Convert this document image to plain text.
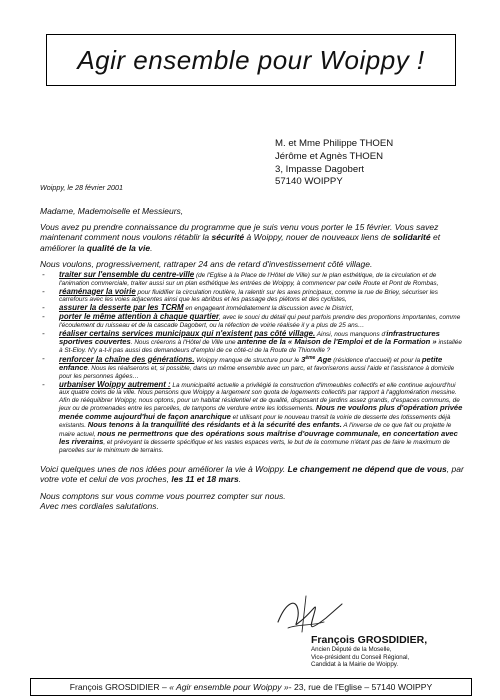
Agir ensemble pour Woippy !
M. et Mme Philippe THOEN
Jérôme et Agnès THOEN
3, Impasse Dagobert
57140 WOIPPY
Woippy, le 28 février 2001

Madame, Mademoiselle et Messieurs,

Vous avez pu prendre connaissance du programme que je suis venu vous porter le 15 février. Vous savez maintenant comment nous voulons rétablir la sécurité à Woippy, nouer de nouveaux liens de solidarité et améliorer la qualité de la vie.

Nous voulons, progressivement, rattraper 24 ans de retard d'investissement côté village.

- traiter sur l'ensemble du centre-ville (de l'Eglise à la Place de l'Hôtel de Ville) sur le plan esthétique, de la circulation et de l'animation commerciale, traiter aussi sur un plan esthétique les entrées de Woippy, à commencer par celle Route et Pont de Rombas,
- réaménager la voirie pour fluidifier la circulation routière, la ralentir sur les axes principaux, comme la rue de Briey, sécuriser les carrefours avec les voies adjacentes ainsi que les abribus et les passage des piétons et des cyclistes,
- assurer la desserte par les TCRM en engageant immédiatement la discussion avec le District,
- porter le même attention à chaque quartier, avec le souci du détail qui peut parfois prendre des proportions importantes, comme l'écoulement du ruisseau et de la cascade Dagobert, ou la réfection de voirie réalisée il y a plus de 25 ans…
- réaliser certains services municipaux qui n'existent pas côté village. Ainsi, nous manquons d'infrastructures sportives couvertes. Nous créerons à l'Hôtel de Ville une antenne de la « Maison de l'Emploi et de la Formation » installée à St-Eloy. N'y a-t-il pas aussi des demandeurs d'emploi de ce côté-ci de la Route de Thionville ?
- renforcer la chaîne des générations. Woippy manque de structure pour le 3ème Age (résidence d'accueil) et pour la petite enfance. Nous les réaliserons et, si possible, dans un même ensemble avec un parc, et favoriserons aussi l'aide et l'assistance à domicile pour les personnes âgées…
- urbaniser Woippy autrement : La municipalité actuelle a privilégié la construction d'immeubles collectifs et elle continue aujourd'hui aux quatre coins de la ville. Nous pensons que Woippy a largement son quota de logements collectifs par rapport à l'agglomération messine. Afin de rééquilibrer Woippy, nous optons, pour un habitat résidentiel et de qualité, disposant de jardins assez grands, d'espaces communs, de jeux ou de promenades entre les parcelles, de tampons de verdure entre les lotissements. Nous ne voulons plus d'opération privée menée comme aujourd'hui de façon anarchique et utilisant pour le nouveau transit la voirie de desserte des lotissements déjà existants. Nous tenons à la tranquillité des résidants et à la sécurité des enfants. A l'inverse de ce que fait ou projette le maire actuel, nous ne permettrons que des opérations sous maîtrise d'ouvrage communale, en concertation avec les riverains, et prévoyant la desserte spécifique et les vastes espaces verts, le but de la commune n'étant pas de faire le maximum de parcelles sur le minimum de terrains.

Voici quelques unes de nos idées pour améliorer la vie à Woippy. Le changement ne dépend que de vous, par votre vote et celui de vos proches, les 11 et 18 mars.

Nous comptons sur vous comme vous pourrez compter sur nous.

Avec mes cordiales salutations.

François GROSDIDIER,
Ancien Député de la Moselle,
Vice-président du Conseil Régional,
Candidat à la Mairie de Woippy.
François GROSDIDIER –
« Agir ensemble pour Woippy » - 23, rue de l'Eglise – 57140 WOIPPY
